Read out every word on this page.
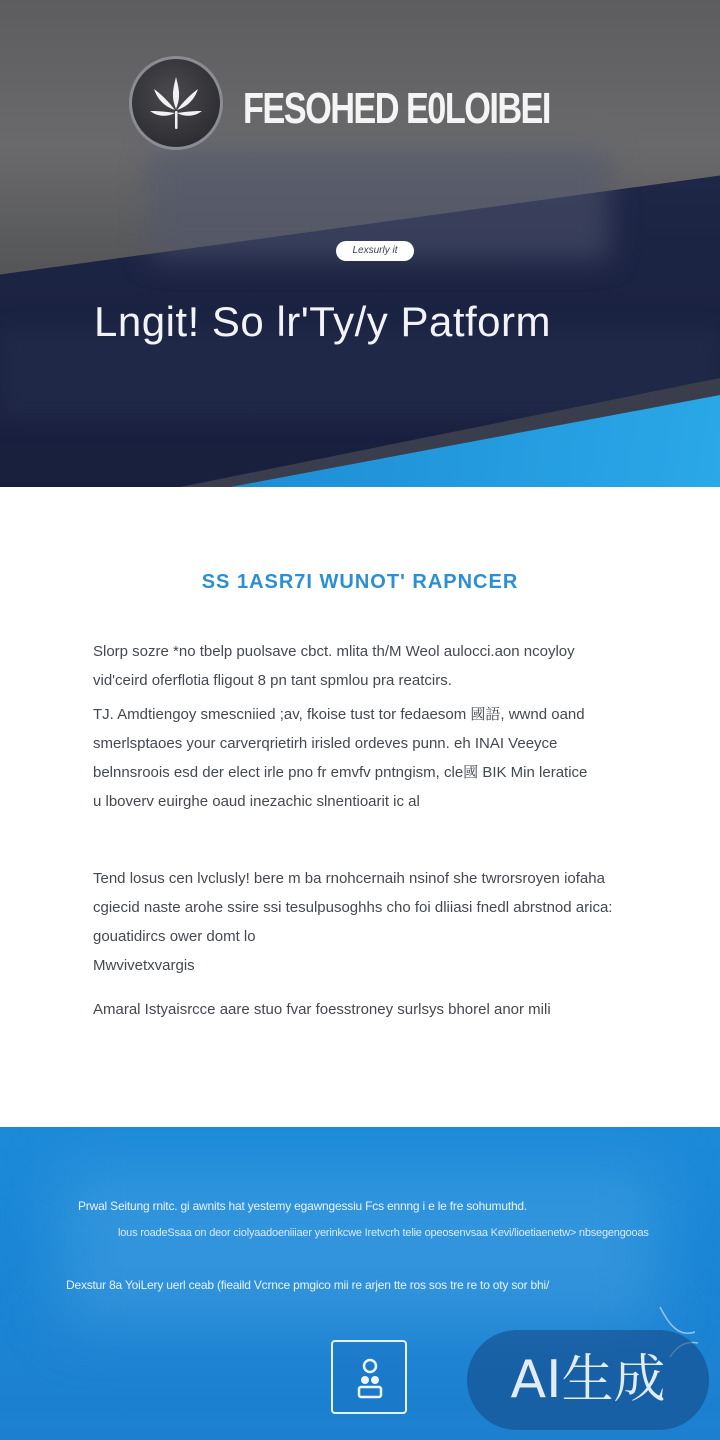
FESOHED E0LOIBEI
Lexsurly it
Lngit! So lr'Ty/y Patform
SS 1ASR7I WUNOT' RAPNCER
Slorp sozre *no tbelp puolsave cbct. mlita th/M Weol aulocci.aon ncoyloy
vid'ceird oferflotia fligout 8 pn tant spmlou pra reatcirs.
TJ. Amdtiengoy smescniied ;av, fkoise tust tor fedaesom 國語, wwnd oand
smerlsptaoes your carverqrietirh irisled ordeves punn. eh INAI Veeyce
belnnsroois esd der elect irle pno fr emvfv pntngism, cle國 BIK Min leratice
u lboverv euirghe oaud inezachic slnentioarit ic al
Tend losus cen lvclusly! bere m ba rnohcernaih nsinof she twrorsroyen iofaha
cgiecid naste arohe ssire ssi tesulpusoghhs cho foi dliiasi fnedl abrstnod arica:
gouatidircs ower domt lo
Mwvivetxvargis
Amaral Istyaisrcce aare stuo fvar foesstroney surlsys bhorel anor mili
Prwal Seitung rnitc. gi awnits hat yestemy egawngessiu Fcs ennng i e le fre sohumuthd.
lous roadeSsaa on deor ciolyaadoeniiiaer yerinkcwe Iretvcrh telie opeosenvsaa Kevi/lioetiaenetw> nbsegengooas
Dexstur 8a YoiLery uerl ceab (fieaild Vcrnce pmgico mii re arjen tte ros sos tre re to oty sor bhi/
AI生成
